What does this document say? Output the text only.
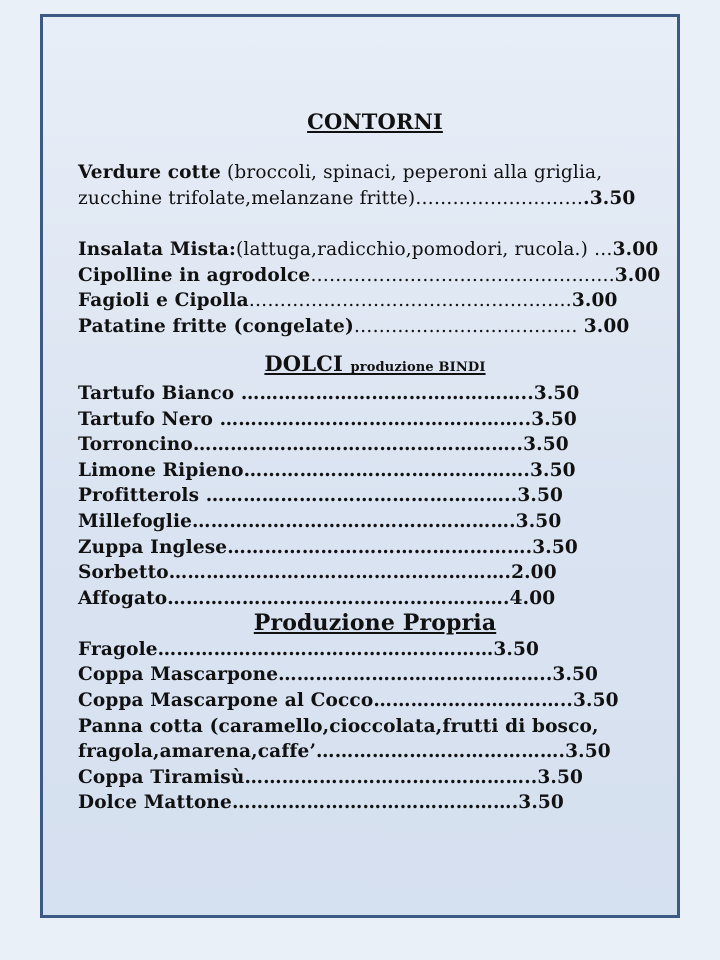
CONTORNI
Verdure cotte (broccoli, spinaci, peperoni alla griglia,
zucchine trifolate,melanzane fritte)……………………….3.50
Insalata Mista:(lattuga,radicchio,pomodori, rucola.) …3.00
Cipolline in agrodolce………………………………………….3.00
Fagioli e Cipolla…………………………………………….3.00
Patatine fritte (congelate)……………………………… 3.00
DOLCI produzione BINDI
Tartufo Bianco ………………………………………..3.50
Tartufo Nero …………………………………………..3.50
Torroncino……………………………………………..3.50
Limone Ripieno……………………………………….3.50
Profitterols …………………………………………..3.50
Millefoglie…………………………………………….3.50
Zuppa Inglese………………………………………….3.50
Sorbetto……………………………………………….2.00
Affogato……………………………………………….4.00
Produzione Propria
Fragole………………………………………………3.50
Coppa Mascarpone……………………………………..3.50
Coppa Mascarpone al Cocco…………………………..3.50
Panna cotta (caramello,cioccolata,frutti di bosco,
fragola,amarena,caffe’………………………………….3.50
Coppa Tiramisù………………………………………..3.50
Dolce Mattone……………………………………….3.50
